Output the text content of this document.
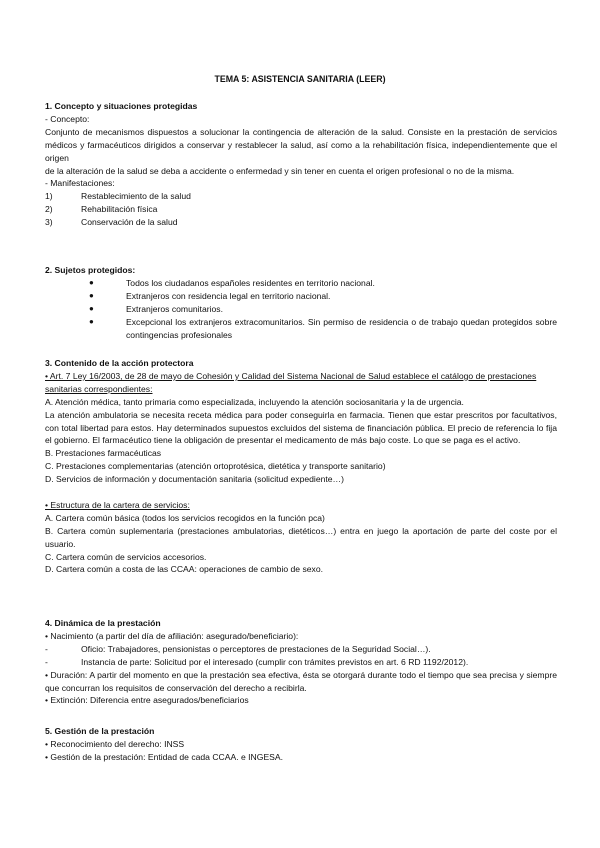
TEMA 5: ASISTENCIA SANITARIA (LEER)
1. Concepto y situaciones protegidas
- Concepto:
Conjunto de mecanismos dispuestos a solucionar la contingencia de alteración de la salud. Consiste en la prestación de servicios médicos y farmacéuticos dirigidos a conservar y restablecer la salud, así como a la rehabilitación física, independientemente que el origen
de la alteración de la salud se deba a accidente o enfermedad y sin tener en cuenta el origen profesional o no de la misma.
- Manifestaciones:
1)	Restablecimiento de la salud
2)	Rehabilitación física
3)	Conservación de la salud
2. Sujetos protegidos:
●	Todos los ciudadanos españoles residentes en territorio nacional.
●	Extranjeros con residencia legal en territorio nacional.
●	Extranjeros comunitarios.
●	Excepcional los extranjeros extracomunitarios. Sin permiso de residencia o de trabajo quedan protegidos sobre contingencias profesionales
3. Contenido de la acción protectora
• Art. 7 Ley 16/2003, de 28 de mayo de Cohesión y Calidad del Sistema Nacional de Salud establece el catálogo de prestaciones sanitarias correspondientes:
A. Atención médica, tanto primaria como especializada, incluyendo la atención sociosanitaria y la de urgencia.
La atención ambulatoria se necesita receta médica para poder conseguirla en farmacia. Tienen que estar prescritos por facultativos, con total libertad para estos. Hay determinados supuestos excluidos del sistema de financiación pública. El precio de referencia lo fija el gobierno. El farmacéutico tiene la obligación de presentar el medicamento de más bajo coste. Lo que se paga es el activo.
B. Prestaciones farmacéuticas
C. Prestaciones complementarias (atención ortoprotésica, dietética y transporte sanitario)
D. Servicios de información y documentación sanitaria (solicitud expediente…)
• Estructura de la cartera de servicios:
A. Cartera común básica (todos los servicios recogidos en la función pca)
B. Cartera común suplementaria (prestaciones ambulatorias, dietéticos…) entra en juego la aportación de parte del coste por el usuario.
C. Cartera común de servicios accesorios.
D. Cartera común a costa de las CCAA: operaciones de cambio de sexo.
4. Dinámica de la prestación
• Nacimiento (a partir del día de afiliación: asegurado/beneficiario):
-	Oficio: Trabajadores, pensionistas o perceptores de prestaciones de la Seguridad Social…).
-	Instancia de parte: Solicitud por el interesado (cumplir con trámites previstos en art. 6 RD 1192/2012).
• Duración: A partir del momento en que la prestación sea efectiva, ésta se otorgará durante todo el tiempo que sea precisa y siempre que concurran los requisitos de conservación del derecho a recibirla.
• Extinción: Diferencia entre asegurados/beneficiarios
5. Gestión de la prestación
• Reconocimiento del derecho: INSS
• Gestión de la prestación: Entidad de cada CCAA. e INGESA.
